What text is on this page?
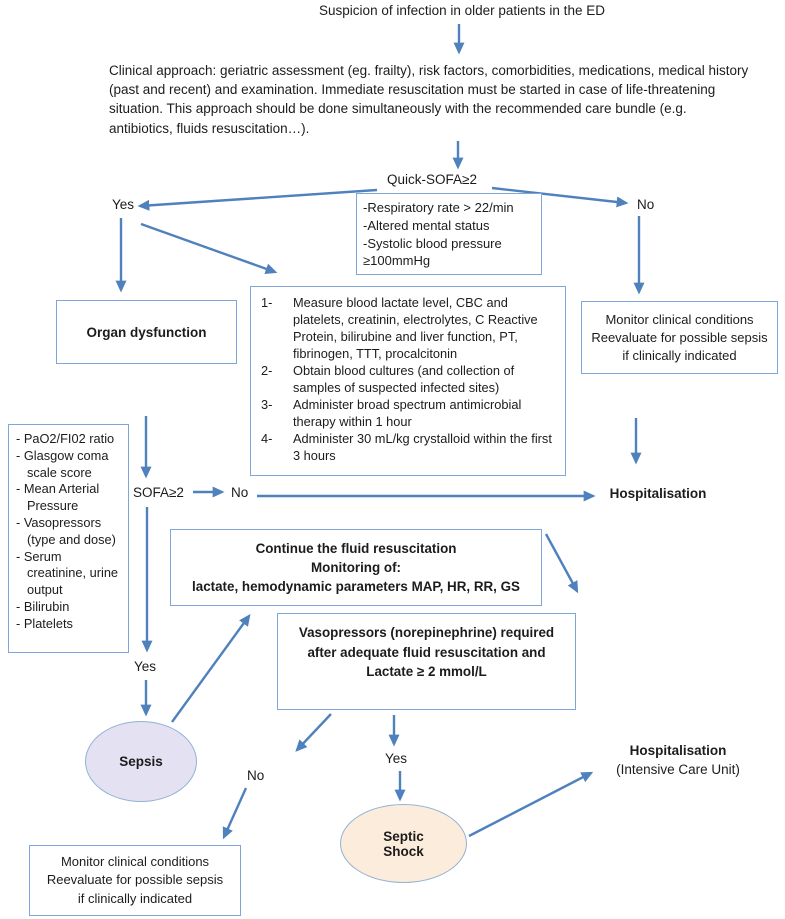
Suspicion of infection in older patients in the ED
Clinical approach: geriatric assessment (eg. frailty), risk factors, comorbidities, medications, medical history (past and recent) and examination. Immediate resuscitation must be started in case of life-threatening situation. This approach should be done simultaneously with the recommended care bundle (e.g. antibiotics, fluids resuscitation…).
Quick-SOFA≥2
-Respiratory rate > 22/min
-Altered mental status
-Systolic blood pressure ≥100mmHg
Yes	No
Organ dysfunction
1-	Measure blood lactate level, CBC and platelets, creatinin, electrolytes, C Reactive Protein, bilirubine and liver function, PT, fibrinogen, TTT, procalcitonin
2-	Obtain blood cultures (and collection of samples of suspected infected sites)
3-	Administer broad spectrum antimicrobial therapy within 1 hour
4-	Administer 30 mL/kg crystalloid within the first 3 hours
Monitor clinical conditions
Reevaluate for possible sepsis
if clinically indicated
Hospitalisation
- PaO2/FI02 ratio
- Glasgow coma scale score
- Mean Arterial Pressure
- Vasopressors (type and dose)
- Serum creatinine, urine output
- Bilirubin
- Platelets
SOFA≥2	No
Yes
Continue the fluid resuscitation
Monitoring of:
lactate, hemodynamic parameters MAP, HR, RR, GS
Vasopressors (norepinephrine) required
after adequate fluid resuscitation and
Lactate ≥ 2 mmol/L
Sepsis
No
Yes
Septic Shock
Hospitalisation
(Intensive Care Unit)
Monitor clinical conditions
Reevaluate for possible sepsis
if clinically indicated
